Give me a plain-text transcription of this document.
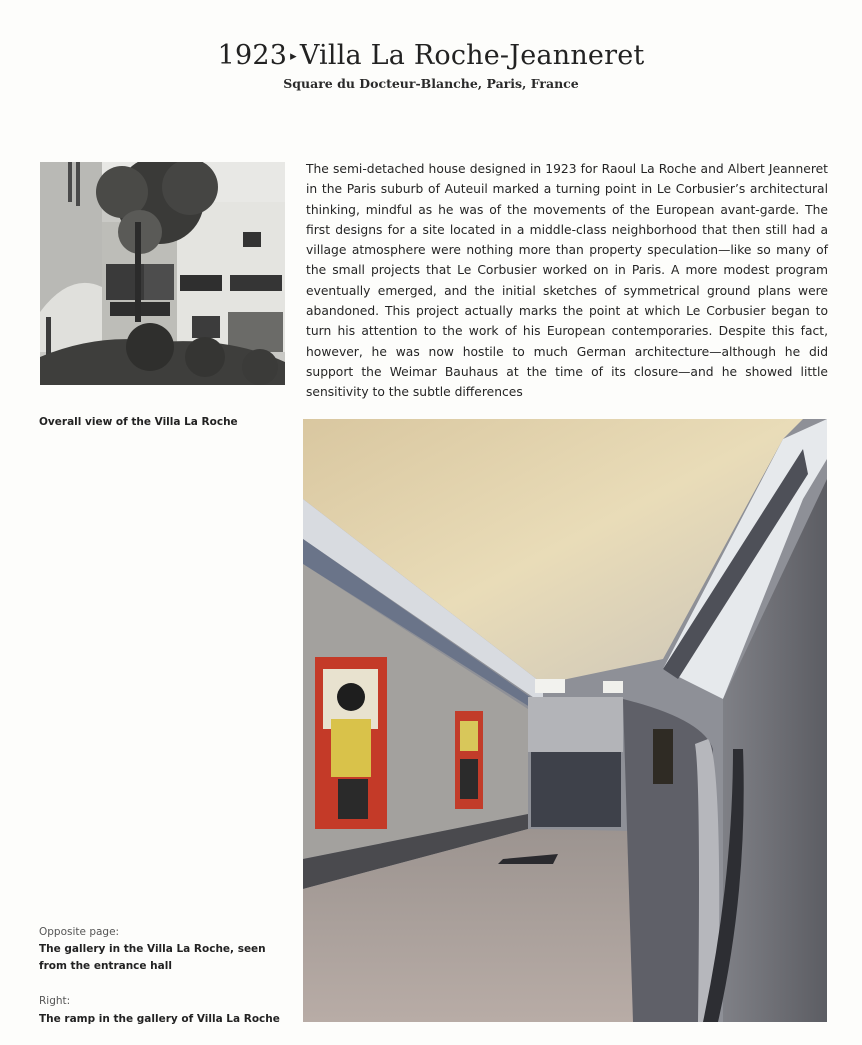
1923 ▸ Villa La Roche-Jeanneret
Square du Docteur-Blanche, Paris, France

The semi-detached house designed in 1923 for Raoul La Roche and Albert Jeanneret in the Paris suburb of Auteuil marked a turning point in Le Corbusier’s architectural thinking, mindful as he was of the movements of the European avant-garde. The first designs for a site located in a middle-class neighborhood that then still had a village atmosphere were nothing more than property speculation—like so many of the small projects that Le Corbusier worked on in Paris. A more modest program eventually emerged, and the initial sketches of symmetrical ground plans were abandoned. This project actually marks the point at which Le Corbusier began to turn his attention to the work of his European contemporaries. Despite this fact, however, he was now hostile to much German architecture—although he did support the Weimar Bauhaus at the time of its closure—and he showed little sensitivity to the subtle differences

Overall view of the Villa La Roche
Opposite page:
The gallery in the Villa La Roche, seen from the entrance hall
Right:
The ramp in the gallery of Villa La Roche
